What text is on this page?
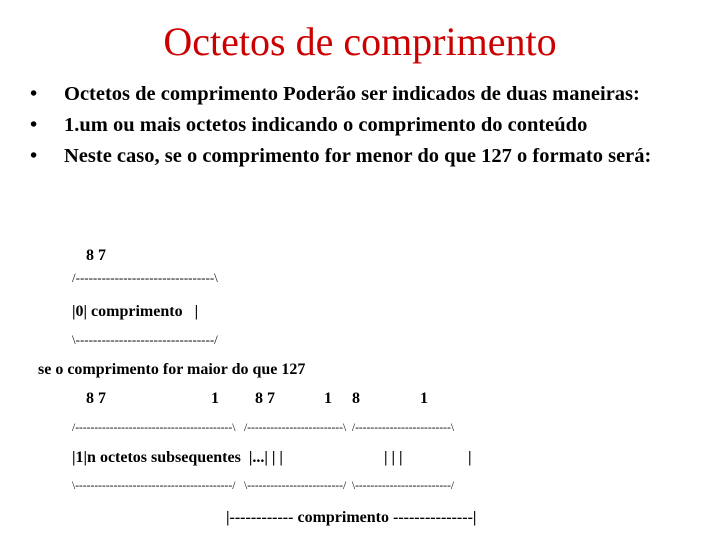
Octetos de comprimento
• Octetos de comprimento Poderão ser indicados de duas maneiras:
• 1.um ou mais octetos indicando o comprimento do conteúdo
• Neste caso, se o comprimento for menor do que 127 o formato será:
8 7
/--------------------------------\
|0| comprimento   |
\--------------------------------/
se o comprimento for maior do que 127
8 7	1 8 7	1 8	1
/-----------------------------------------\   /-------------------------\  /-------------------------\
|1|n octetos subsequentes  |...| | |	| | |	|
\-----------------------------------------/   \-------------------------/  \-------------------------/
|------------ comprimento ---------------|
